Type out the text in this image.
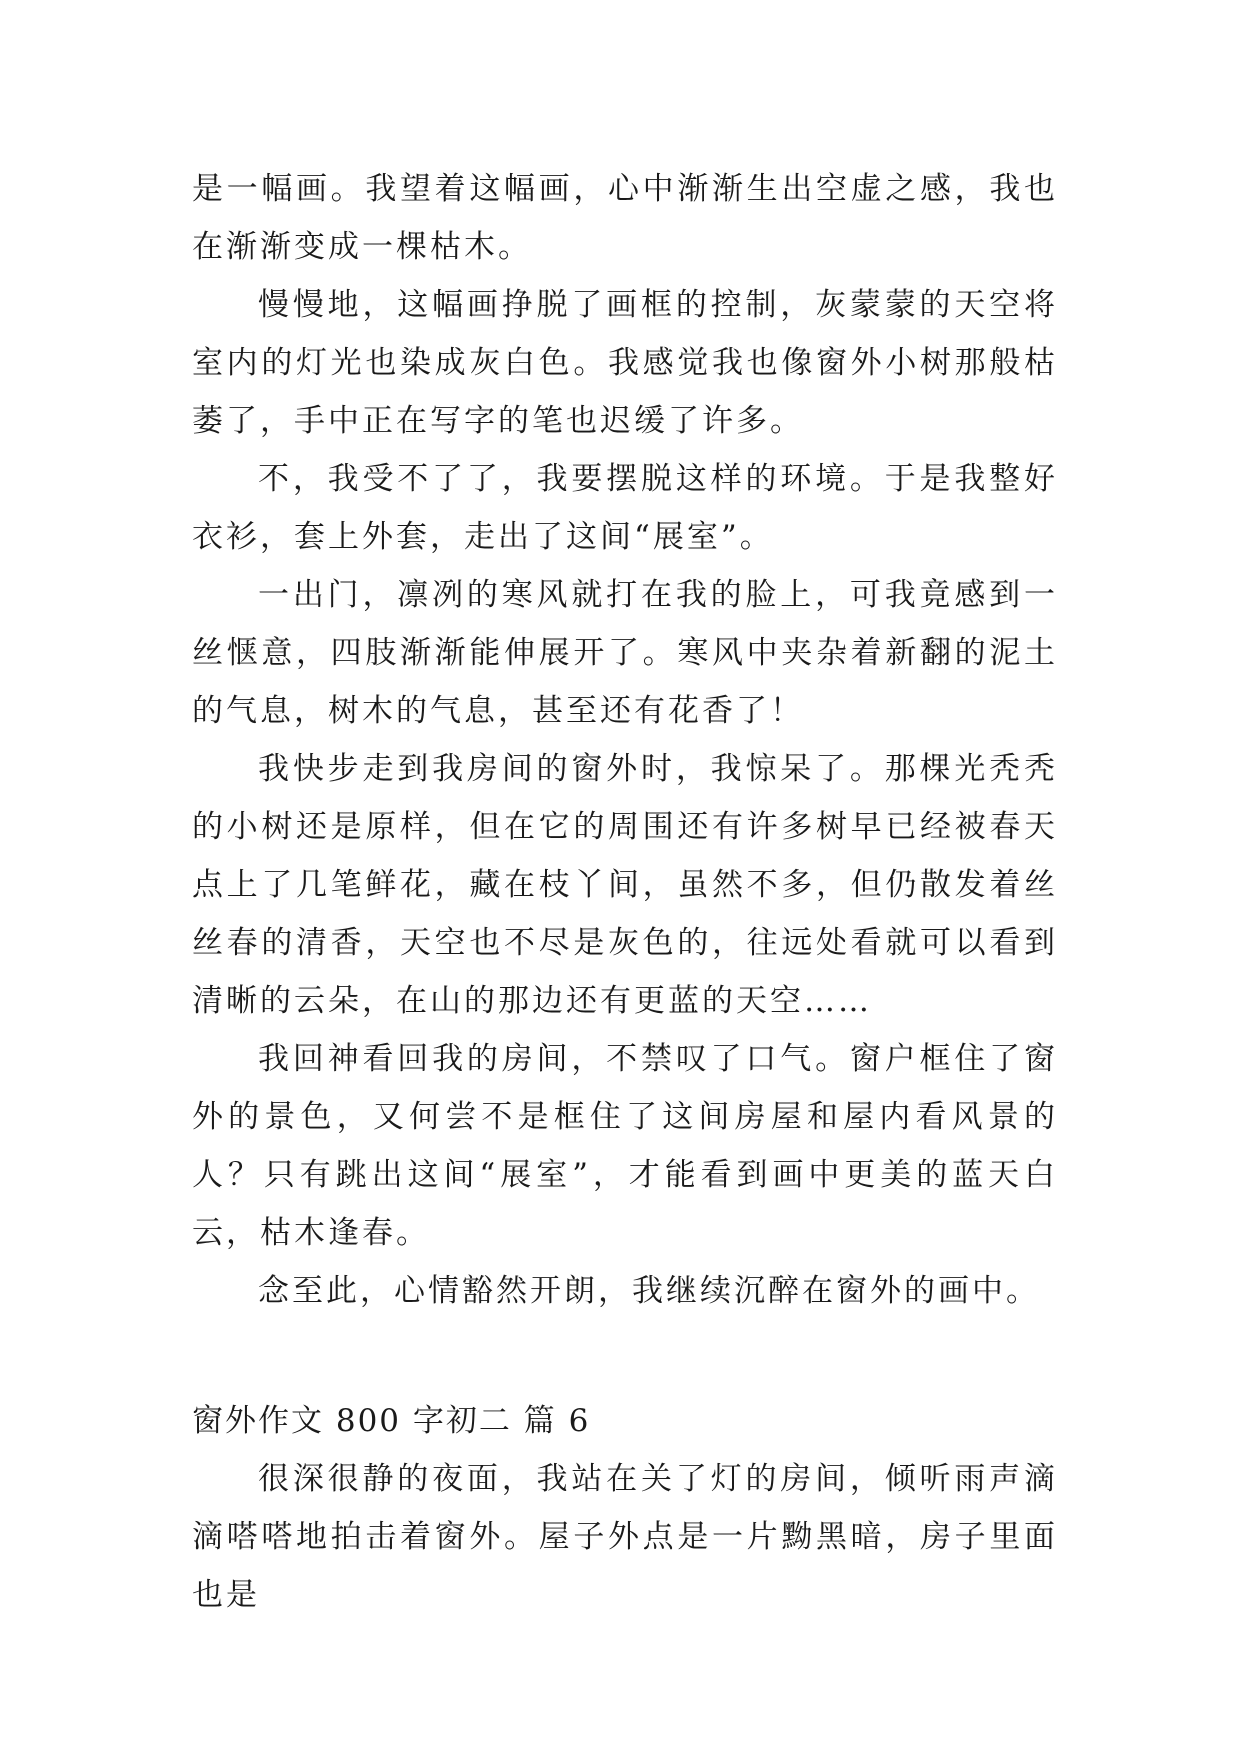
是一幅画。我望着这幅画，心中渐渐生出空虚之感，我也在渐渐变成一棵枯木。

慢慢地，这幅画挣脱了画框的控制，灰蒙蒙的天空将室内的灯光也染成灰白色。我感觉我也像窗外小树那般枯萎了，手中正在写字的笔也迟缓了许多。

不，我受不了了，我要摆脱这样的环境。于是我整好衣衫，套上外套，走出了这间“展室”。

一出门，凛冽的寒风就打在我的脸上，可我竟感到一丝惬意，四肢渐渐能伸展开了。寒风中夹杂着新翻的泥土的气息，树木的气息，甚至还有花香了！

我快步走到我房间的窗外时，我惊呆了。那棵光秃秃的小树还是原样，但在它的周围还有许多树早已经被春天点上了几笔鲜花，藏在枝丫间，虽然不多，但仍散发着丝丝春的清香，天空也不尽是灰色的，往远处看就可以看到清晰的云朵，在山的那边还有更蓝的天空……

我回神看回我的房间，不禁叹了口气。窗户框住了窗外的景色，又何尝不是框住了这间房屋和屋内看风景的人？只有跳出这间“展室”，才能看到画中更美的蓝天白云，枯木逢春。

念至此，心情豁然开朗，我继续沉醉在窗外的画中。

窗外作文 800 字初二 篇 6

很深很静的夜面，我站在关了灯的房间，倾听雨声滴滴嗒嗒地拍击着窗外。屋子外点是一片黝黑暗，房子里面也是
